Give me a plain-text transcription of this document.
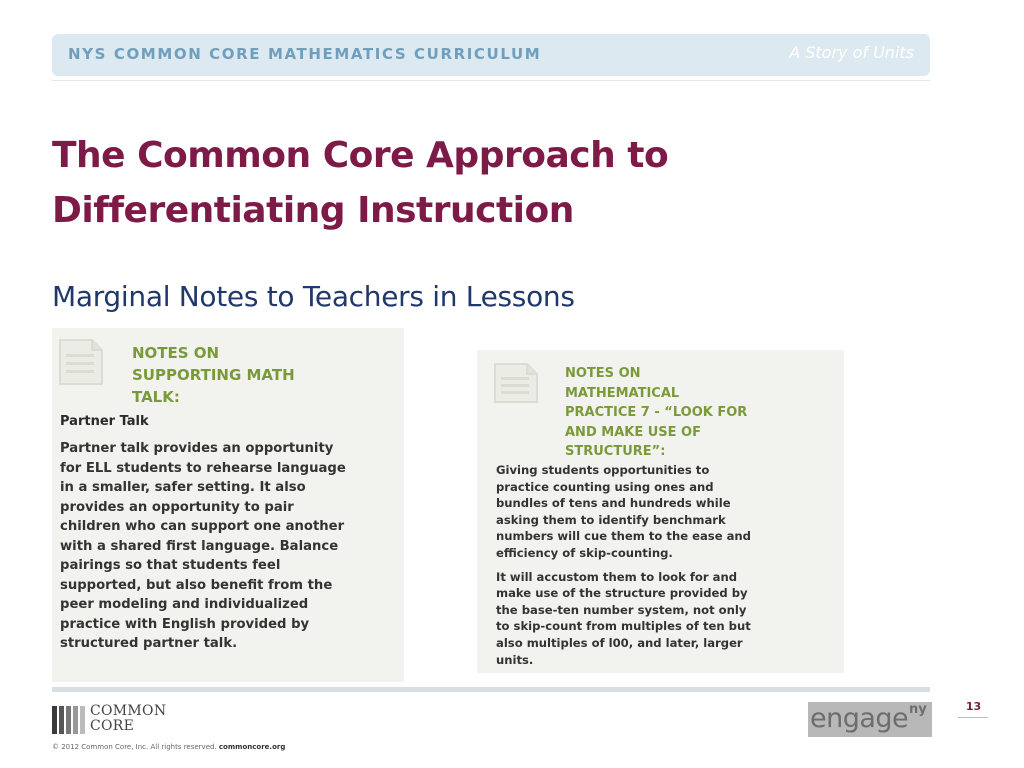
NYS COMMON CORE MATHEMATICS CURRICULUM	A Story of Units
The Common Core Approach to
Differentiating Instruction
Marginal Notes to Teachers in Lessons
NOTES ON
SUPPORTING MATH
TALK:
Partner Talk

Partner talk provides an opportunity
for ELL students to rehearse language
in a smaller, safer setting. It also
provides an opportunity to pair
children who can support one another
with a shared first language. Balance
pairings so that students feel
supported, but also benefit from the
peer modeling and individualized
practice with English provided by
structured partner talk.

NOTES ON
MATHEMATICAL
PRACTICE 7 - “LOOK FOR
AND MAKE USE OF
STRUCTURE”:

Giving students opportunities to
practice counting using ones and
bundles of tens and hundreds while
asking them to identify benchmark
numbers will cue them to the ease and
efficiency of skip-counting.

It will accustom them to look for and
make use of the structure provided by
the base-ten number system, not only
to skip-count from multiples of ten but
also multiples of l00, and later, larger
units.

COMMON
CORE
© 2012 Common Core, Inc. All rights reserved. commoncore.org
engage ny	13
